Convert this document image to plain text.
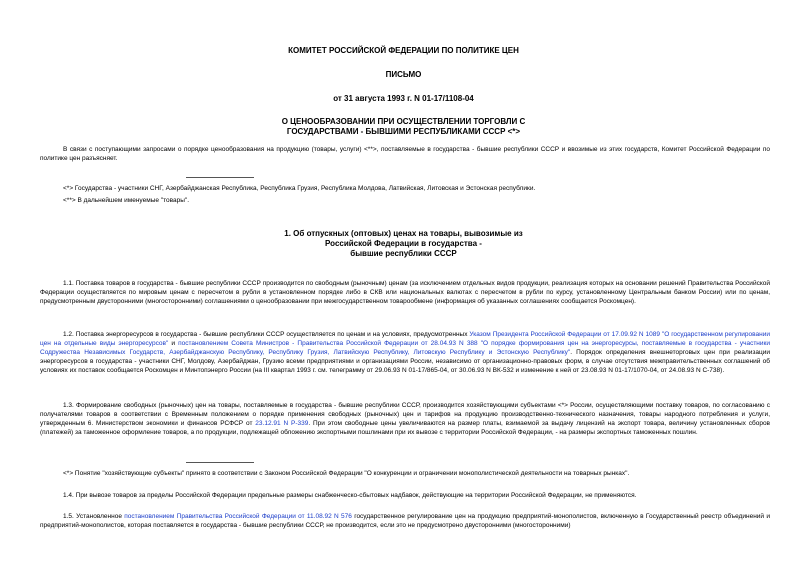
КОМИТЕТ РОССИЙСКОЙ ФЕДЕРАЦИИ ПО ПОЛИТИКЕ ЦЕН
ПИСЬМО
от 31 августа 1993 г. N 01-17/1108-04
О ЦЕНООБРАЗОВАНИИ ПРИ ОСУЩЕСТВЛЕНИИ ТОРГОВЛИ С
ГОСУДАРСТВАМИ - БЫВШИМИ РЕСПУБЛИКАМИ СССР <*>
В связи с поступающими запросами о порядке ценообразования на продукцию (товары, услуги) <**>, поставляемые в государства - бывшие республики СССР и ввозимые из этих государств, Комитет Российской Федерации по политике цен разъясняет.
<*> Государства - участники СНГ, Азербайджанская Республика, Республика Грузия, Республика Молдова, Латвийская, Литовская и Эстонская республики.
<**> В дальнейшем именуемые "товары".
1. Об отпускных (оптовых) ценах на товары, вывозимые из
Российской Федерации в государства -
бывшие республики СССР
1.1. Поставка товаров в государства - бывшие республики СССР производится по свободным (рыночным) ценам (за исключением отдельных видов продукции, реализация которых на основании решений Правительства Российской Федерации осуществляется по мировым ценам с пересчетом в рубли в установленном порядке либо в СКВ или национальных валютах с пересчетом в рубли по курсу, установленному Центральным банком России) или по ценам, предусмотренным двусторонними (многосторонними) соглашениями о ценообразовании при межгосударственном товарообмене (информация об указанных соглашениях сообщается Роскомцен).
1.2. Поставка энергоресурсов в государства - бывшие республики СССР осуществляется по ценам и на условиях, предусмотренных Указом Президента Российской Федерации от 17.09.92 N 1089 "О государственном регулировании цен на отдельные виды энергоресурсов" и постановлением Совета Министров - Правительства Российской Федерации от 28.04.93 N 388 "О порядке формирования цен на энергоресурсы, поставляемые в государства - участники Содружества Независимых Государств, Азербайджанскую Республику, Республику Грузия, Латвийскую Республику, Литовскую Республику и Эстонскую Республику". Порядок определения внешнеторговых цен при реализации энергоресурсов в государства - участники СНГ, Молдову, Азербайджан, Грузию всеми предприятиями и организациями России, независимо от организационно-правовых форм, в случае отсутствия межправительственных соглашений об условиях их поставок сообщается Роскомцен и Минтопэнерго России (на III квартал 1993 г. см. телеграмму от 29.06.93 N 01-17/865-04, от 30.06.93 N ВК-532 и изменение к ней от 23.08.93 N 01-17/1070-04, от 24.08.93 N С-738).
1.3. Формирование свободных (рыночных) цен на товары, поставляемые в государства - бывшие республики СССР, производится хозяйствующими субъектами <*> России, осуществляющими поставку товаров, по согласованию с получателями товаров в соответствии с Временным положением о порядке применения свободных (рыночных) цен и тарифов на продукцию производственно-технического назначения, товары народного потребления и услуги, утвержденным 6. Министерством экономики и финансов РСФСР от 23.12.91 N Р-339. При этом свободные цены увеличиваются на размер платы, взимаемой за выдачу лицензий на экспорт товара, величину установленных сборов (платежей) за таможенное оформление товаров, а по продукции, подлежащей обложению экспортными пошлинами при их вывозе с территории Российской Федерации, - на размеры экспортных таможенных пошлин.
<*> Понятие "хозяйствующие субъекты" принято в соответствии с Законом Российской Федерации "О конкуренции и ограничении монополистической деятельности на товарных рынках".
1.4. При вывозе товаров за пределы Российской Федерации предельные размеры снабженческо-сбытовых надбавок, действующие на территории Российской Федерации, не применяются.
1.5. Установленное постановлением Правительства Российской Федерации от 11.08.92 N 576 государственное регулирование цен на продукцию предприятий-монополистов, включенную в Государственный реестр объединений и предприятий-монополистов, которая поставляется в государства - бывшие республики СССР, не производится, если это не предусмотрено двусторонними (многосторонними)
